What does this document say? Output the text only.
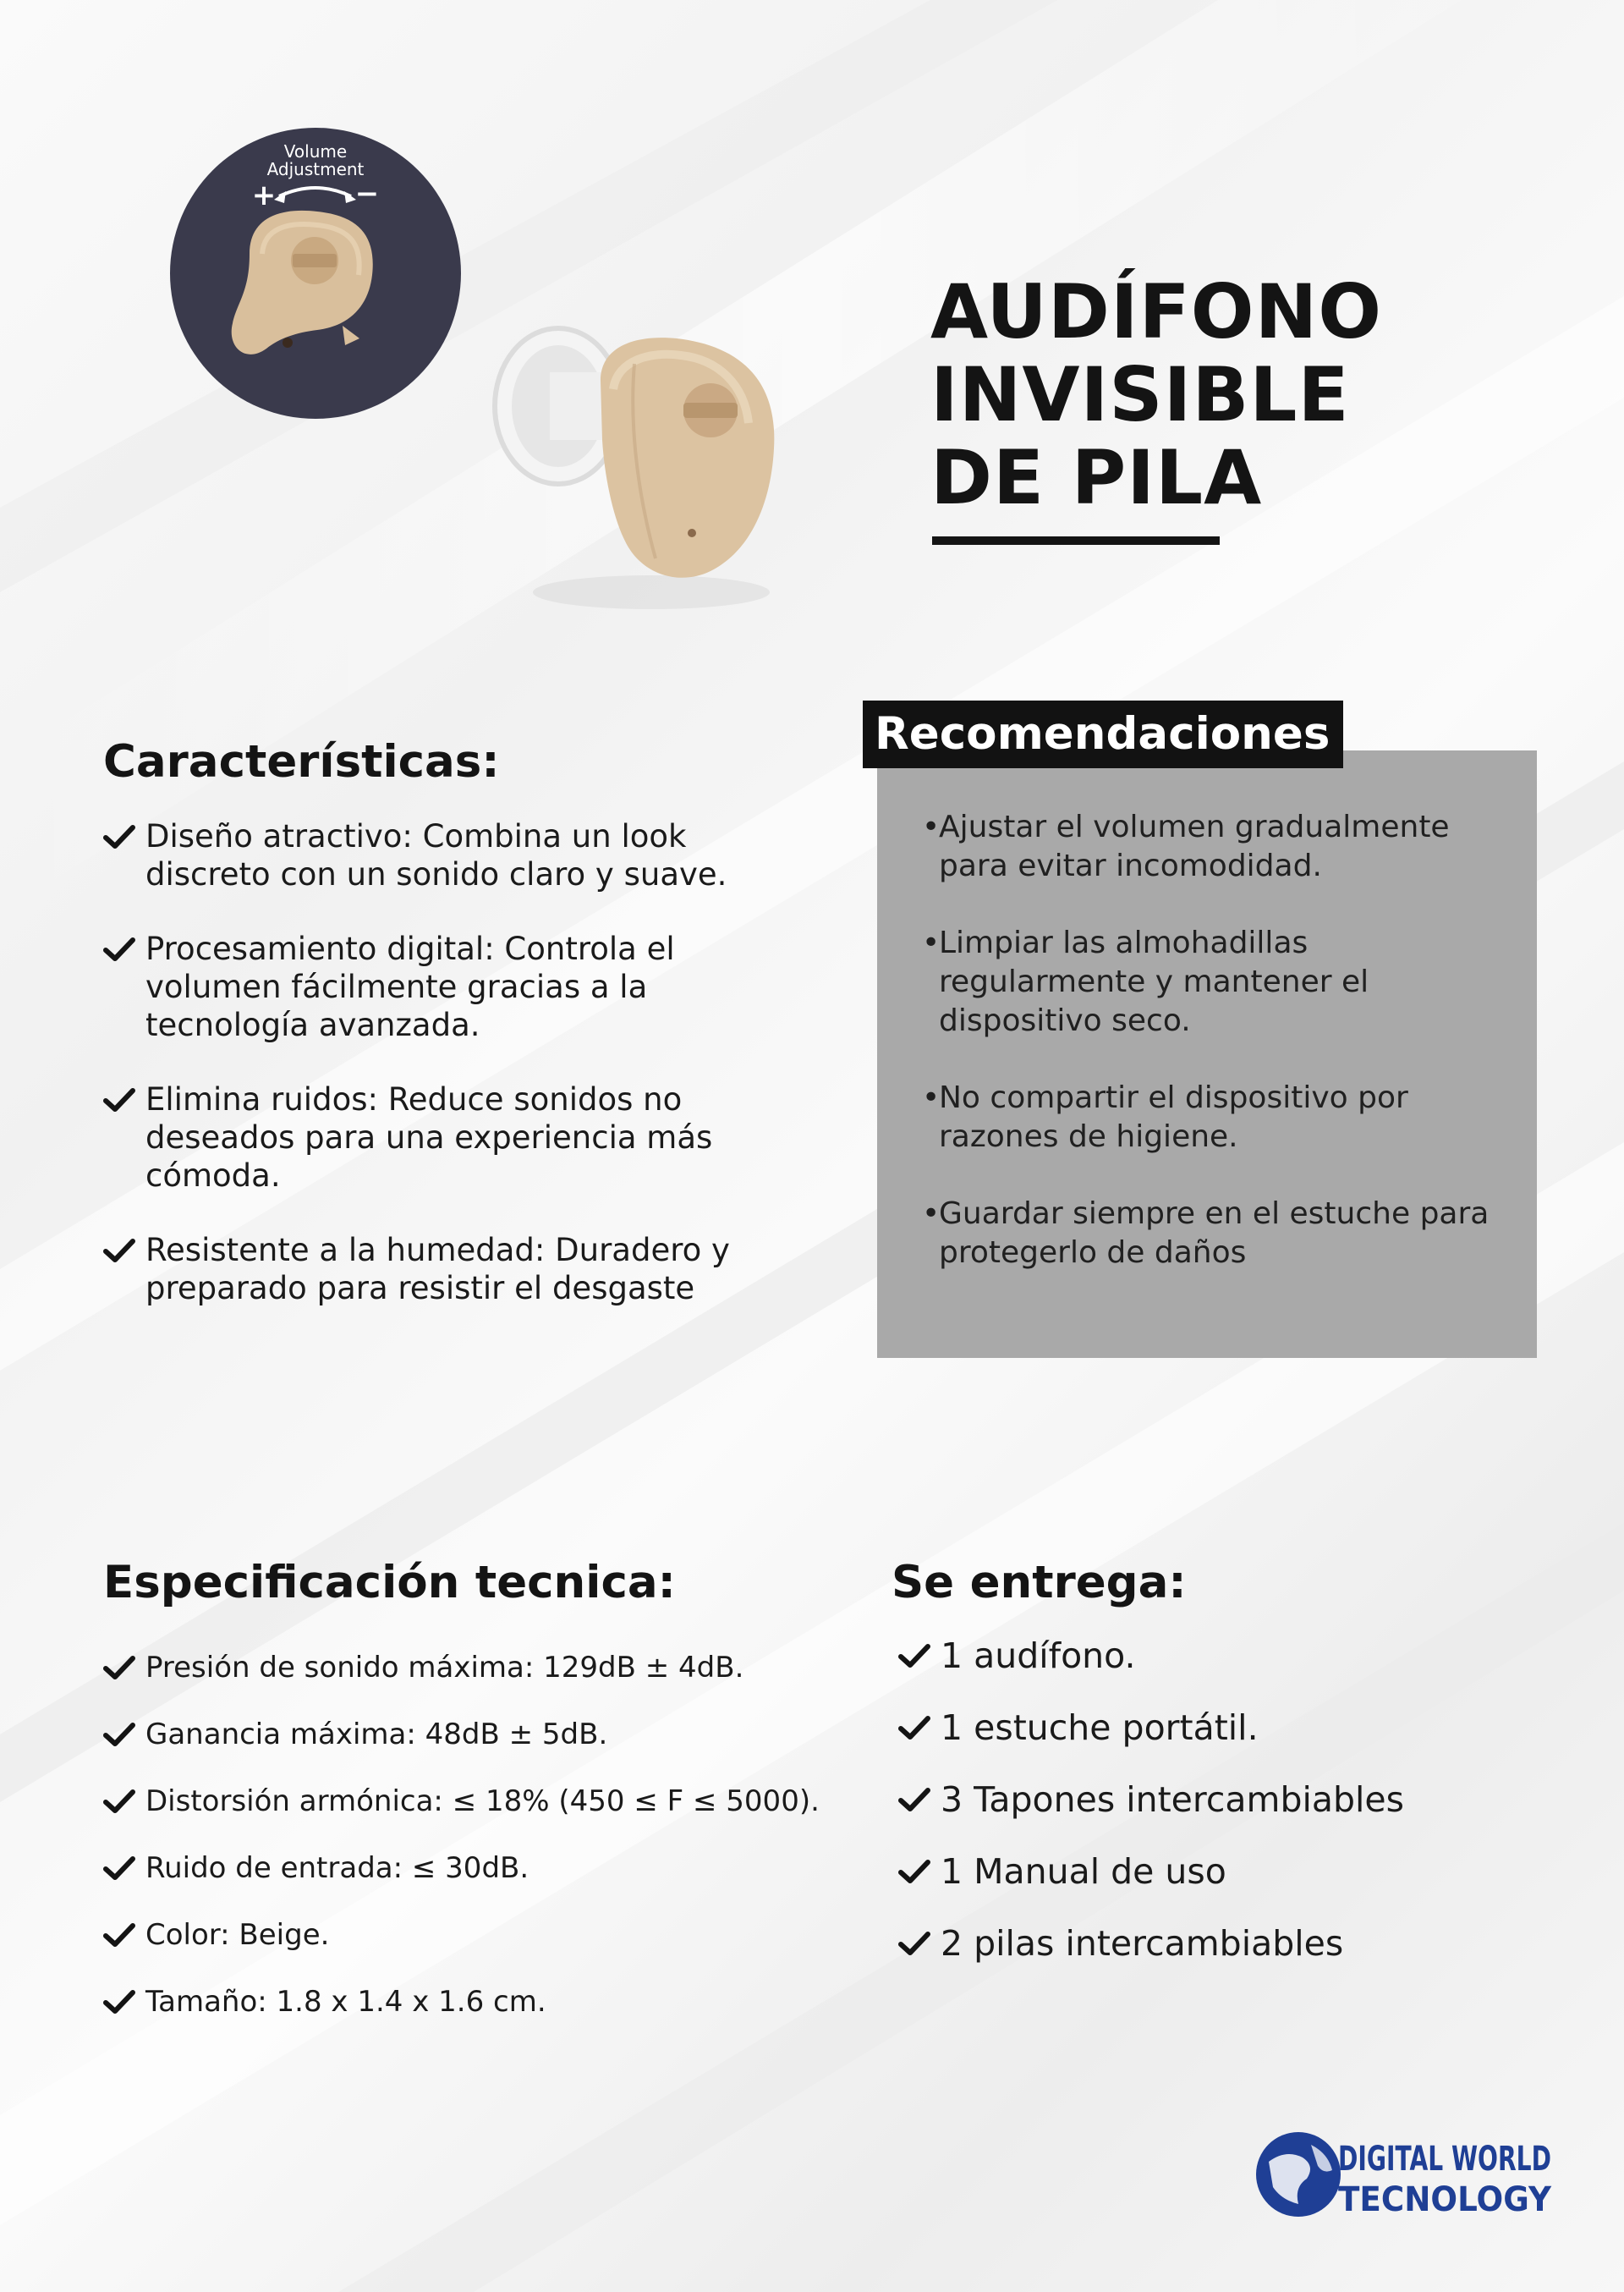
Volume
Adjustment
+	−
AUDÍFONO
INVISIBLE
DE PILA
Características:
Diseño atractivo: Combina un look discreto con un sonido claro y suave.
Procesamiento digital: Controla el volumen fácilmente gracias a la tecnología avanzada.
Elimina ruidos: Reduce sonidos no deseados para una experiencia más cómoda.
Resistente a la humedad: Duradero y preparado para resistir el desgaste
Recomendaciones
• Ajustar el volumen gradualmente para evitar incomodidad.
• Limpiar las almohadillas regularmente y mantener el dispositivo seco.
• No compartir el dispositivo por razones de higiene.
• Guardar siempre en el estuche para protegerlo de daños
Especificación tecnica:
Presión de sonido máxima: 129dB ± 4dB.
Ganancia máxima: 48dB ± 5dB.
Distorsión armónica: ≤ 18% (450 ≤ F ≤ 5000).
Ruido de entrada: ≤ 30dB.
Color: Beige.
Tamaño: 1.8 x 1.4 x 1.6 cm.
Se entrega:
1 audífono.
1 estuche portátil.
3 Tapones intercambiables
1 Manual de uso
2 pilas intercambiables
DIGITAL WORLD
TECNOLOGY
